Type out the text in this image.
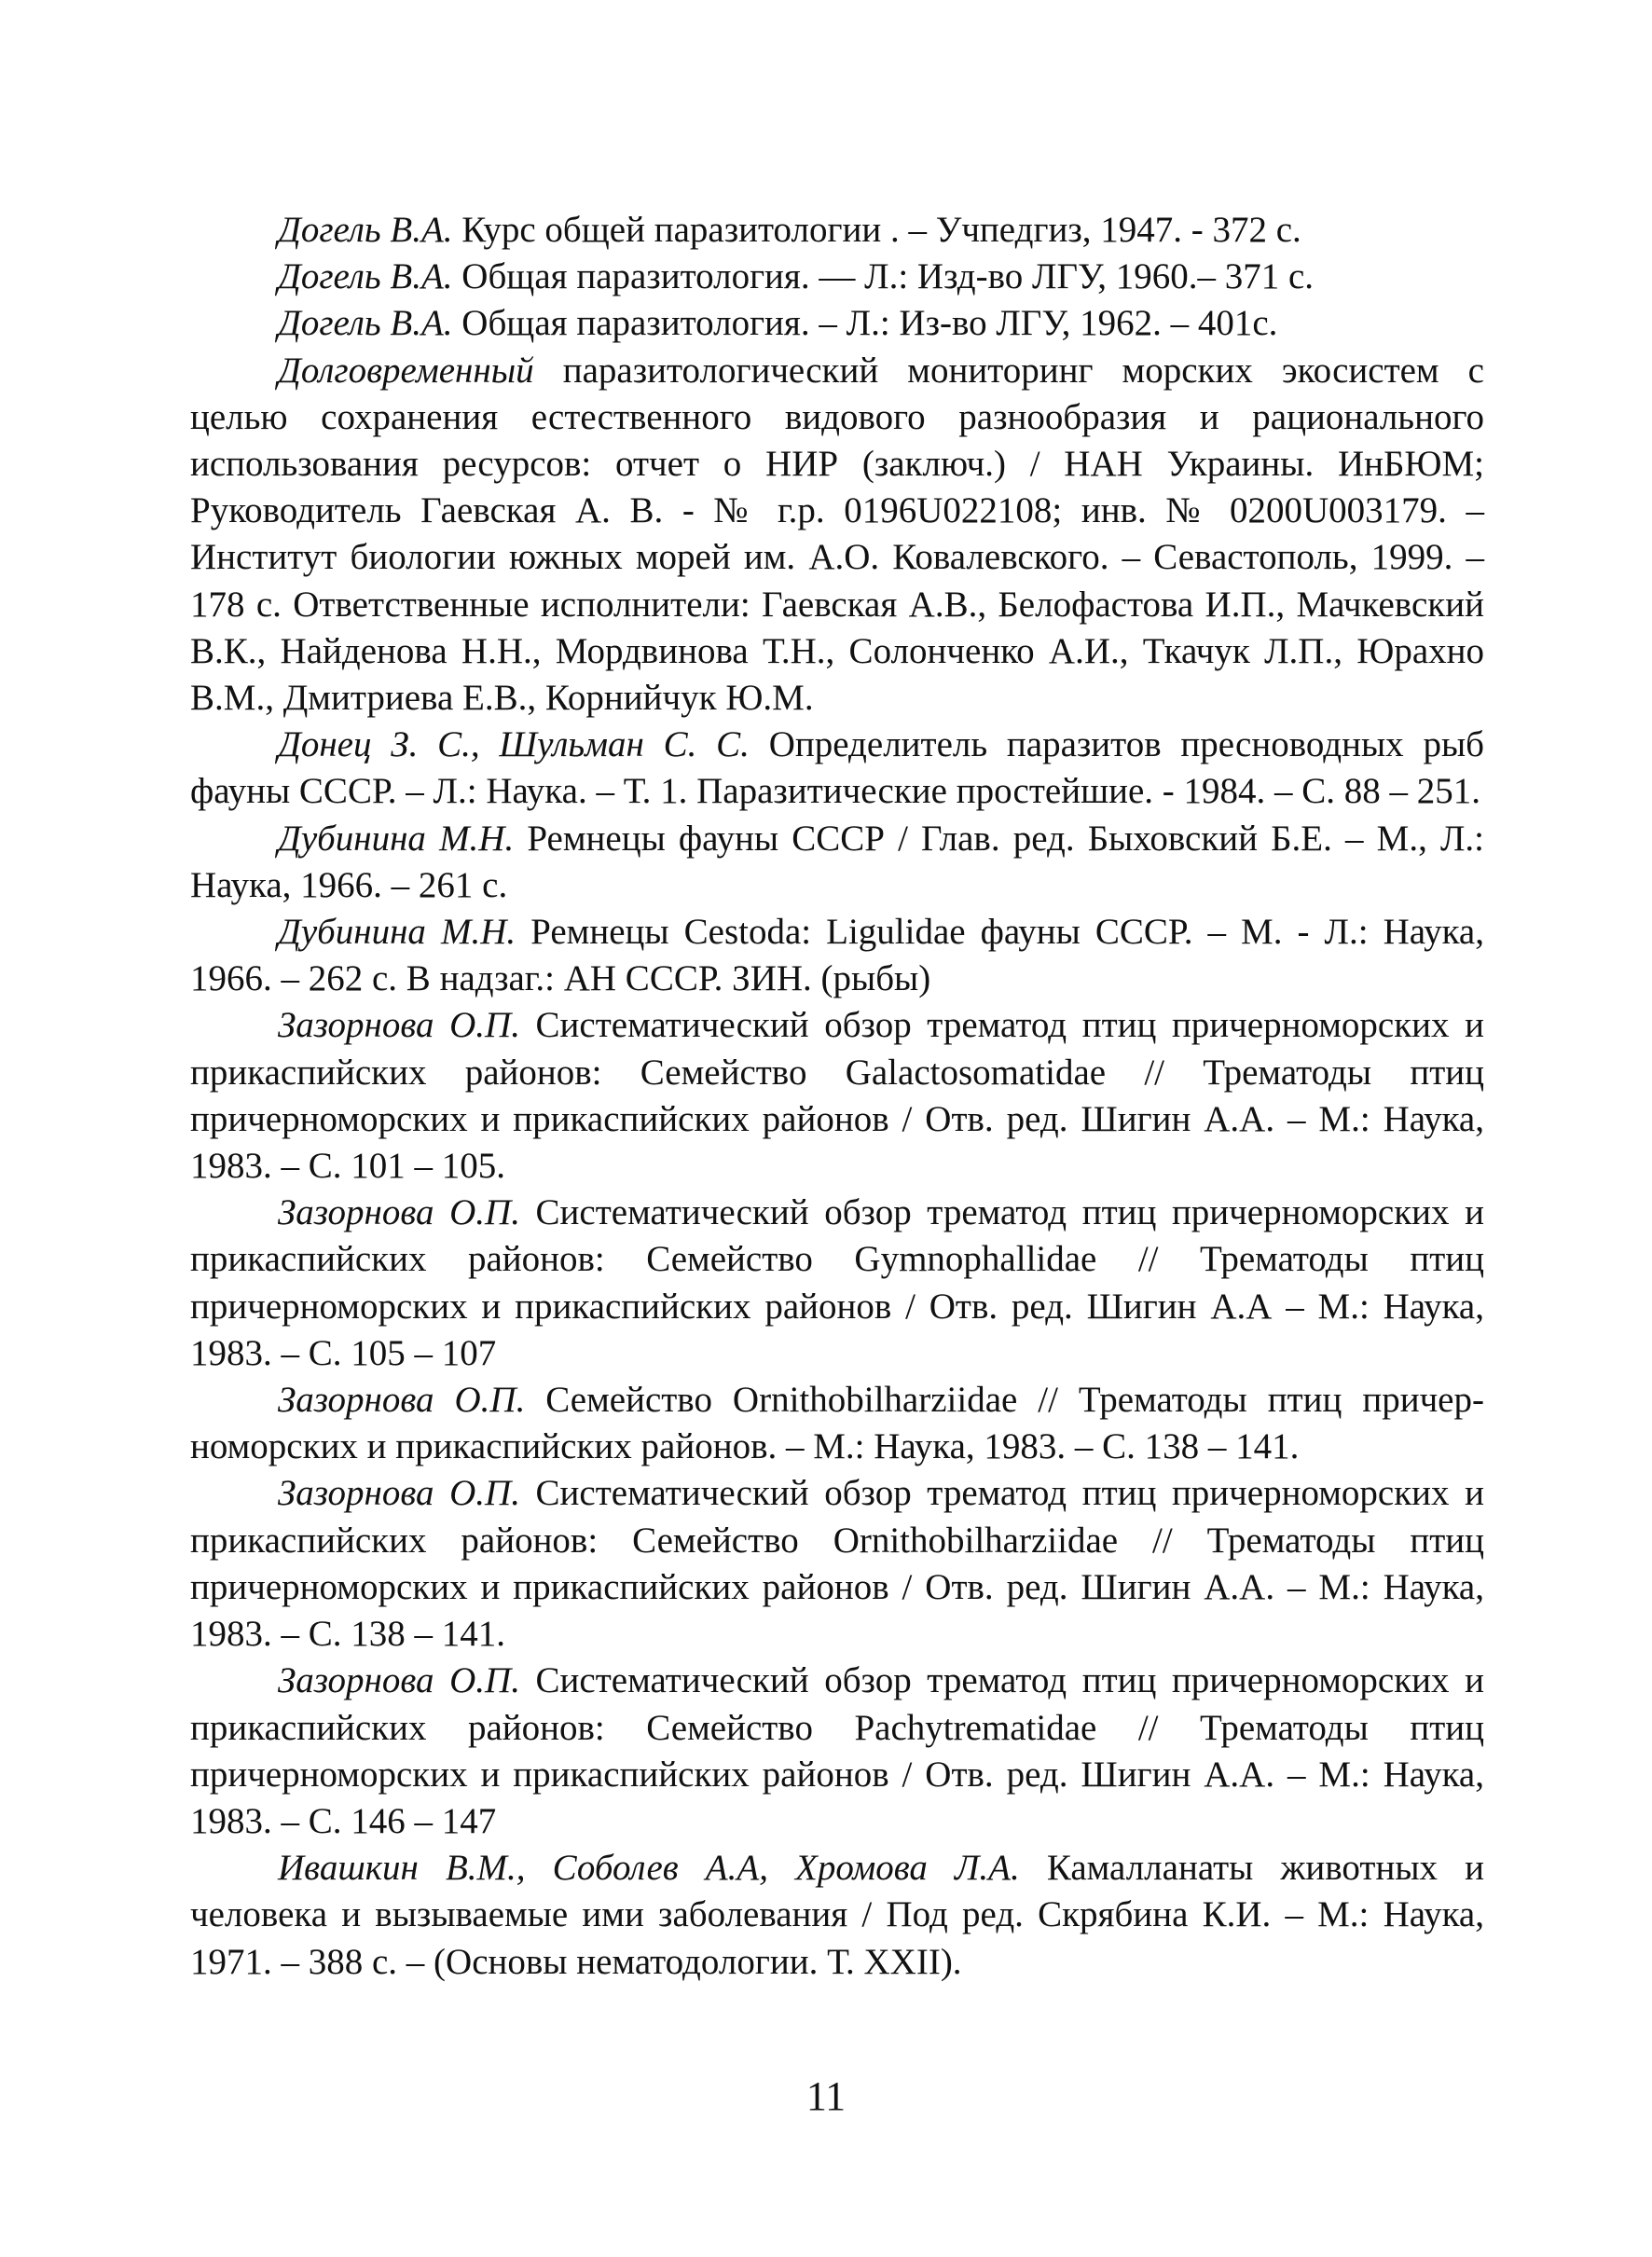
Догель В.А. Курс общей паразитологии . – Учпедгиз, 1947. - 372 с.

Догель В.А. Общая паразитология. — Л.: Изд-во ЛГУ, 1960.– 371 с.

Догель В.А. Общая паразитология. – Л.: Из-во ЛГУ, 1962. – 401с.

Долговременный паразитологический мониторинг морских экосистем с целью сохранения естественного видового разнообразия и рационального использования ресурсов: отчет о НИР (заключ.) / НАН Украины. ИнБЮМ; Руководитель Гаевская А. В. - № г.р. 0196U022108; инв. № 0200U003179. – Институт биологии южных морей им. А.О. Ковалевского. – Севастополь, 1999. – 178 с. Ответственные исполнители: Гаевская А.В., Белофастова И.П., Мачкевский В.К., Найденова Н.Н., Мордвинова Т.Н., Солонченко А.И., Ткачук Л.П., Юрахно В.М., Дмитриева Е.В., Корнийчук Ю.М.

Донец З. С., Шульман С. С. Определитель паразитов пресноводных рыб фауны СССР. – Л.: Наука. – Т. 1. Паразитические простейшие. - 1984. – С. 88 – 251.

Дубинина М.Н. Ремнецы фауны СССР / Глав. ред. Быховский Б.Е. – М., Л.: Наука, 1966. – 261 с.

Дубинина М.Н. Ремнецы Cestoda: Ligulidae фауны СССР. – М. - Л.: Наука, 1966. – 262 с. В надзаг.: АН СССР. ЗИН. (рыбы)

Зазорнова О.П. Систематический обзор трематод птиц причерноморских и прикаспийских районов: Семейство Galactosomatidae // Трематоды птиц причерноморских и прикаспийских районов / Отв. ред. Шигин А.А. – М.: Наука, 1983. – С. 101 – 105.

Зазорнова О.П. Систематический обзор трематод птиц причерноморских и прикаспийских районов: Семейство Gymnophallidae // Трематоды птиц причерноморских и прикаспийских районов / Отв. ред. Шигин А.А – М.: Наука, 1983. – С. 105 – 107

Зазорнова О.П. Семейство Ornithobilharziidae // Трематоды птиц причерноморских и прикаспийских районов. – М.: Наука, 1983. – С. 138 – 141.

Зазорнова О.П. Систематический обзор трематод птиц причерноморских и прикаспийских районов: Семейство Ornithobilharziidae // Трематоды птиц причерноморских и прикаспийских районов / Отв. ред. Шигин А.А. – М.: Наука, 1983. – С. 138 – 141.

Зазорнова О.П. Систематический обзор трематод птиц причерноморских и прикаспийских районов: Семейство Pachytrematidae // Трематоды птиц причерноморских и прикаспийских районов / Отв. ред. Шигин А.А. – М.: Наука, 1983. – С. 146 – 147

Ивашкин В.М., Соболев А.А, Хромова Л.А. Камалланаты животных и человека и вызываемые ими заболевания / Под ред. Скрябина К.И. – М.: Наука, 1971. – 388 с. – (Основы нематодологии. Т. XXII).

11
